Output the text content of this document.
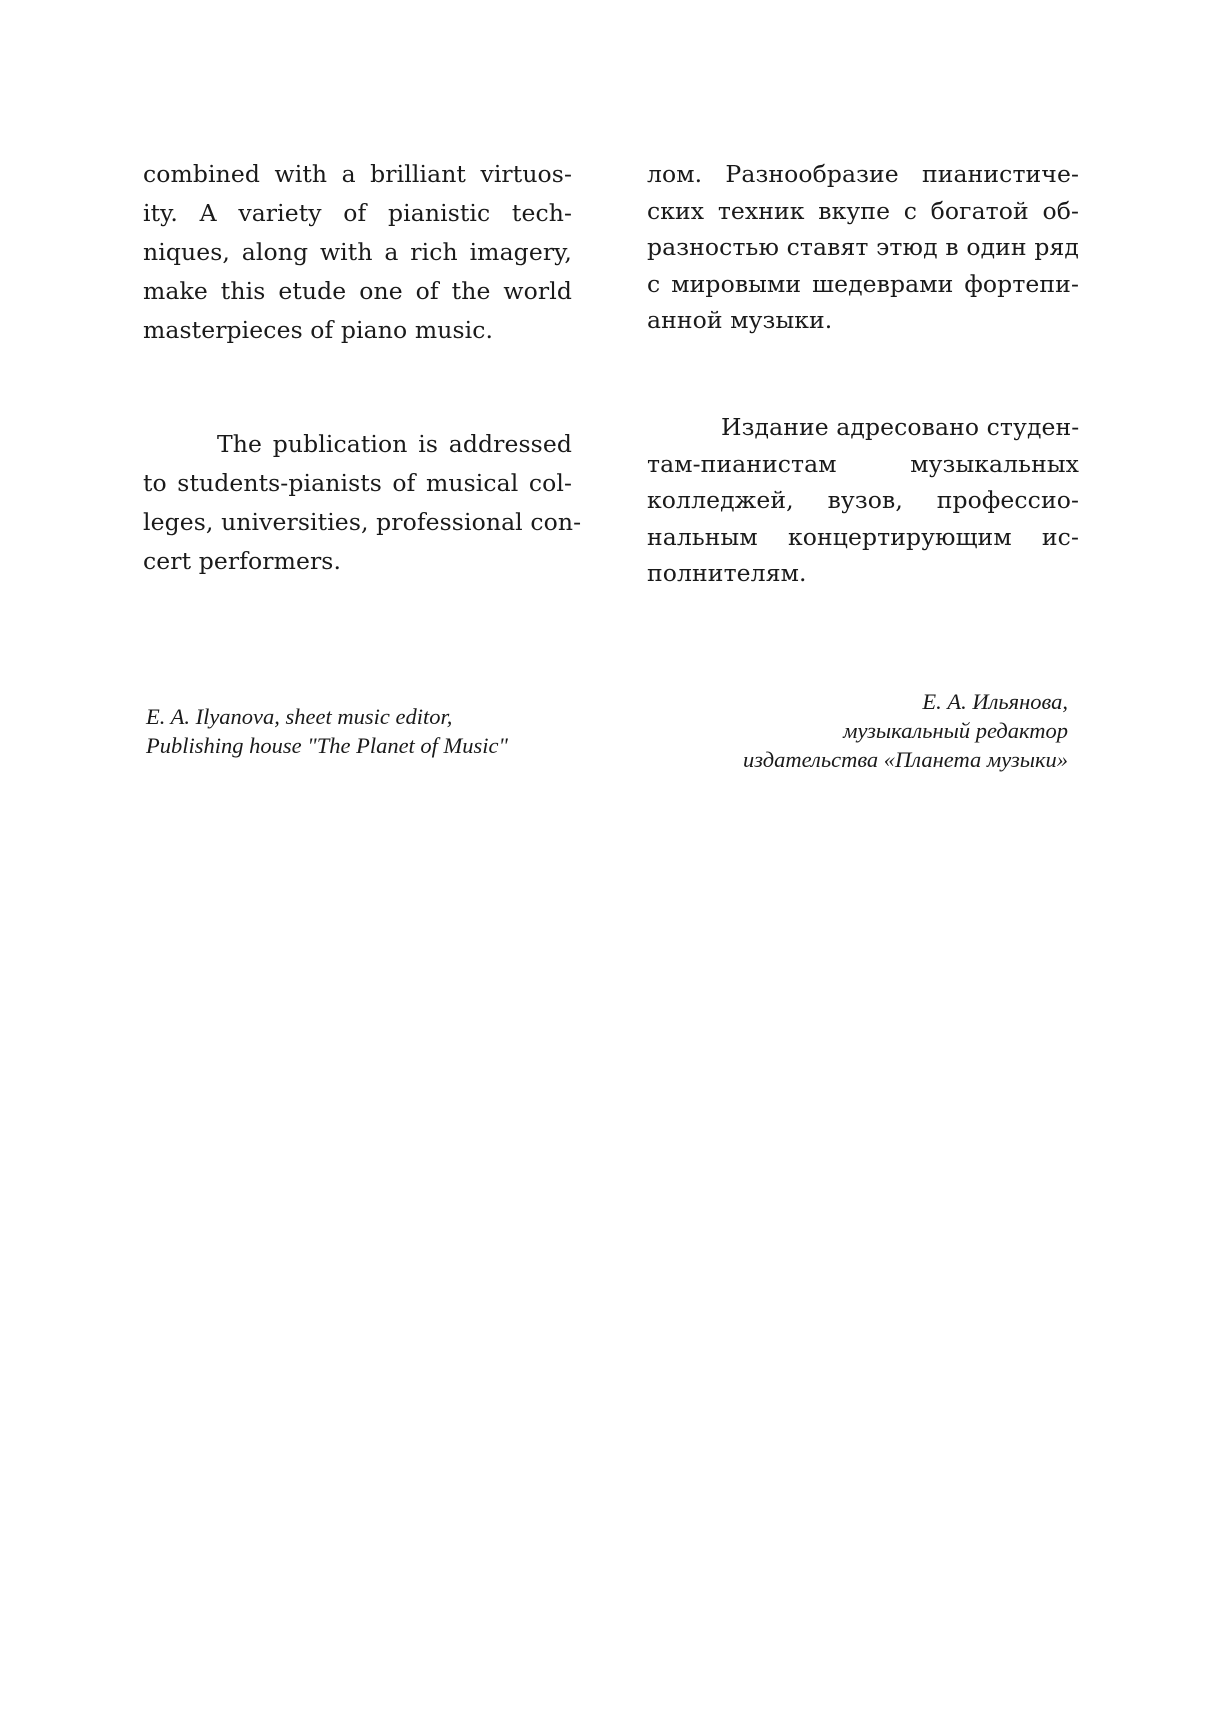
combined with a brilliant virtuos-
ity. A variety of pianistic tech-
niques, along with a rich imagery,
make this etude one of the world
masterpieces of piano music.
The publication is addressed
to students-pianists of musical col-
leges, universities, professional con-
cert performers.
E. A. Ilyanova, sheet music editor,
Publishing house "The Planet of Music"
лом. Разнообразие пианистиче-
ских техник вкупе с богатой об-
разностью ставят этюд в один ряд
с мировыми шедеврами фортепи-
анной музыки.
Издание адресовано студен-
там-пианистам музыкальных
колледжей, вузов, профессио-
нальным концертирующим ис-
полнителям.
Е. А. Ильянова,
музыкальный редактор
издательства «Планета музыки»
